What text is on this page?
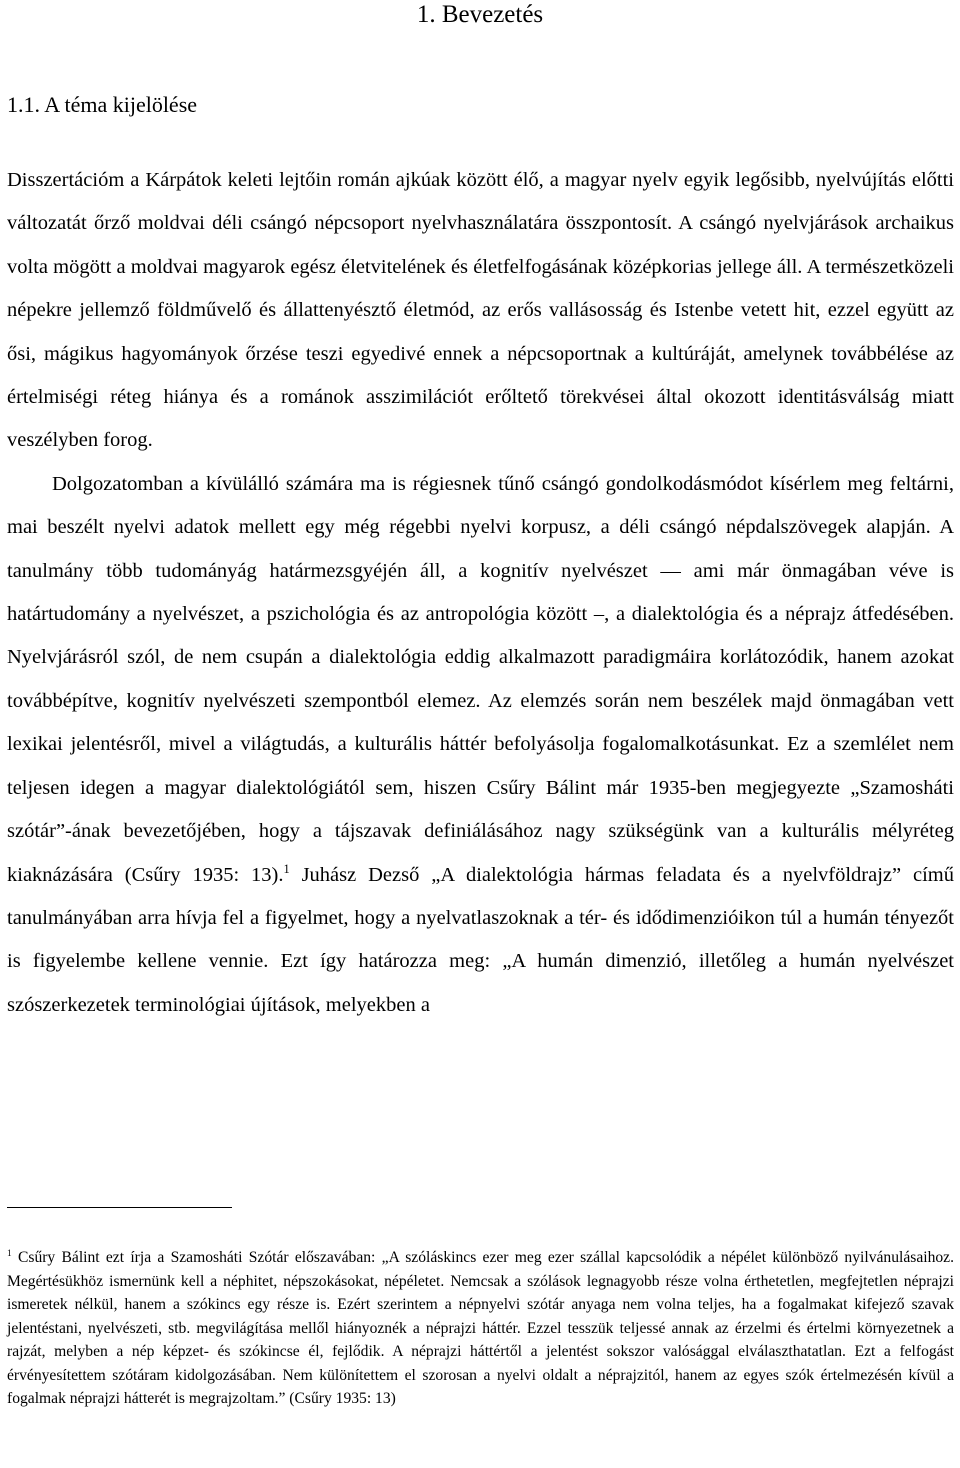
1. Bevezetés
1.1. A téma kijelölése

Disszertációm a Kárpátok keleti lejtőin román ajkúak között élő, a magyar nyelv egyik legősibb, nyelvújítás előtti változatát őrző moldvai déli csángó népcsoport nyelvhasználatára összpontosít. A csángó nyelvjárások archaikus volta mögött a moldvai magyarok egész életvitelének és életfelfogásának középkorias jellege áll. A természetközeli népekre jellemző földművelő és állattenyésztő életmód, az erős vallásosság és Istenbe vetett hit, ezzel együtt az ősi, mágikus hagyományok őrzése teszi egyedivé ennek a népcsoportnak a kultúráját, amelynek továbbélése az értelmiségi réteg hiánya és a románok asszimilációt erőltető törekvései által okozott identitásválság miatt veszélyben forog.

Dolgozatomban a kívülálló számára ma is régiesnek tűnő csángó gondolkodásmódot kísérlem meg feltárni, mai beszélt nyelvi adatok mellett egy még régebbi nyelvi korpusz, a déli csángó népdalszövegek alapján. A tanulmány több tudományág határmezsgyéjén áll, a kognitív nyelvészet ― ami már önmagában véve is határtudomány a nyelvészet, a pszichológia és az antropológia között –, a dialektológia és a néprajz átfedésében. Nyelvjárásról szól, de nem csupán a dialektológia eddig alkalmazott paradigmáira korlátozódik, hanem azokat továbbépítve, kognitív nyelvészeti szempontból elemez. Az elemzés során nem beszélek majd önmagában vett lexikai jelentésről, mivel a világtudás, a kulturális háttér befolyásolja fogalomalkotásunkat. Ez a szemlélet nem teljesen idegen a magyar dialektológiától sem, hiszen Csűry Bálint már 1935-ben megjegyezte „Szamosháti szótár”-ának bevezetőjében, hogy a tájszavak definiálásához nagy szükségünk van a kulturális mélyréteg kiaknázására (Csűry 1935: 13).$^1$ Juhász Dezső „A dialektológia hármas feladata és a nyelvföldrajz” című tanulmányában arra hívja fel a figyelmet, hogy a nyelvatlaszoknak a tér- és idődimenzióikon túl a humán tényezőt is figyelembe kellene vennie. Ezt így határozza meg: „A humán dimenzió, illetőleg a humán nyelvészet szószerkezetek terminológiai újítások, melyekben a

$^1$ Csűry Bálint ezt írja a Szamosháti Szótár előszavában: „A szóláskincs ezer meg ezer szállal kapcsolódik a népélet különböző nyilvánulásaihoz. Megértésükhöz ismernünk kell a néphitet, népszokásokat, népéletet. Nemcsak a szólások legnagyobb része volna érthetetlen, megfejtetlen néprajzi ismeretek nélkül, hanem a szókincs egy része is. Ezért szerintem a népnyelvi szótár anyaga nem volna teljes, ha a fogalmakat kifejező szavak jelentéstani, nyelvészeti, stb. megvilágítása mellől hiányoznék a néprajzi háttér. Ezzel tesszük teljessé annak az érzelmi és értelmi környezetnek a rajzát, melyben a nép képzet- és szókincse él, fejlődik. A néprajzi háttértől a jelentést sokszor valósággal elválaszthatatlan. Ezt a felfogást érvényesítettem szótáram kidolgozásában. Nem különítettem el szorosan a nyelvi oldalt a néprajzitól, hanem az egyes szók értelmezésén kívül a fogalmak néprajzi hátterét is megrajzoltam.” (Csűry 1935: 13)
